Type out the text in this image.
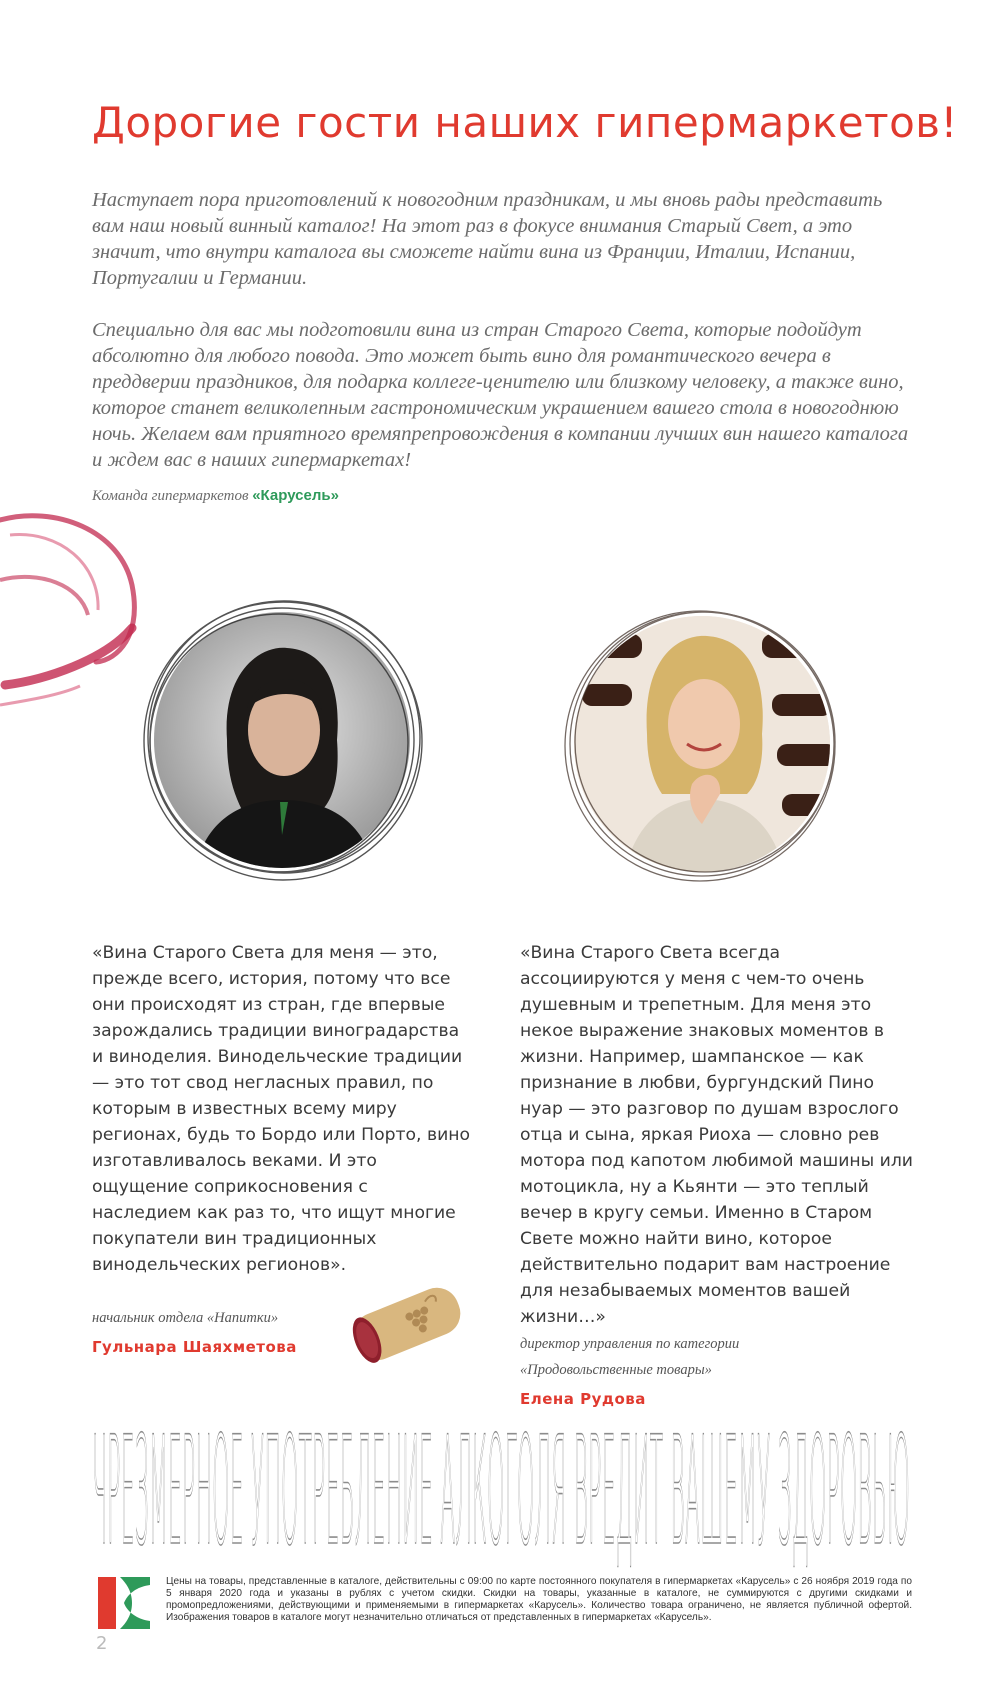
Дорогие гости наших гипермаркетов!

Наступает пора приготовлений к новогодним праздникам, и мы вновь рады представить вам наш новый винный каталог! На этот раз в фокусе внимания Старый Свет, а это значит, что внутри каталога вы сможете найти вина из Франции, Италии, Испании, Португалии и Германии.

Специально для вас мы подготовили вина из стран Старого Света, которые подойдут абсолютно для любого повода. Это может быть вино для романтического вечера в преддверии праздников, для подарка коллеге-ценителю или близкому человеку, а также вино, которое станет великолепным гастрономическим украшением вашего стола в новогоднюю ночь. Желаем вам приятного времяпрепровождения в компании лучших вин нашего каталога и ждем вас в наших гипермаркетах!

Команда гипермаркетов «Карусель»

«Вина Старого Света для меня — это, прежде всего, история, потому что все они происходят из стран, где впервые зарождались традиции виноградарства и виноделия. Винодельческие традиции — это тот свод негласных правил, по которым в известных всему миру регионах, будь то Бордо или Порто, вино изготавливалось веками. И это ощущение соприкосновения с наследием как раз то, что ищут многие покупатели вин традиционных винодельческих регионов».

«Вина Старого Света всегда ассоциируются у меня с чем-то очень душевным и трепетным. Для меня это некое выражение знаковых моментов в жизни. Например, шампанское — как признание в любви, бургундский Пино нуар — это разговор по душам взрослого отца и сына, яркая Риоха — словно рев мотора под капотом любимой машины или мотоцикла, ну а Кьянти — это теплый вечер в кругу семьи. Именно в Старом Свете можно найти вино, которое действительно подарит вам настроение для незабываемых моментов вашей жизни…»

начальник отдела «Напитки»
Гульнара Шаяхметова	директор управления по категории
«Продовольственные товары»
Елена Рудова
ЧРЕЗМЕРНОЕ УПОТРЕБЛЕНИЕ АЛКОГОЛЯ ВРЕДИТ ВАШЕМУ ЗДОРОВЬЮ

Цены на товары, представленные в каталоге, действительны с 09:00 по карте постоянного покупателя в гипермаркетах «Карусель» с 26 ноября 2019 года по 5 января 2020 года и указаны в рублях с учетом скидки. Скидки на товары, указанные в каталоге, не суммируются с другими скидками и промопредложениями, действующими и применяемыми в гипермаркетах «Карусель». Количество товара ограничено, не является публичной офертой. Изображения товаров в каталоге могут незначительно отличаться от представленных в гипермаркетах «Карусель».

2
